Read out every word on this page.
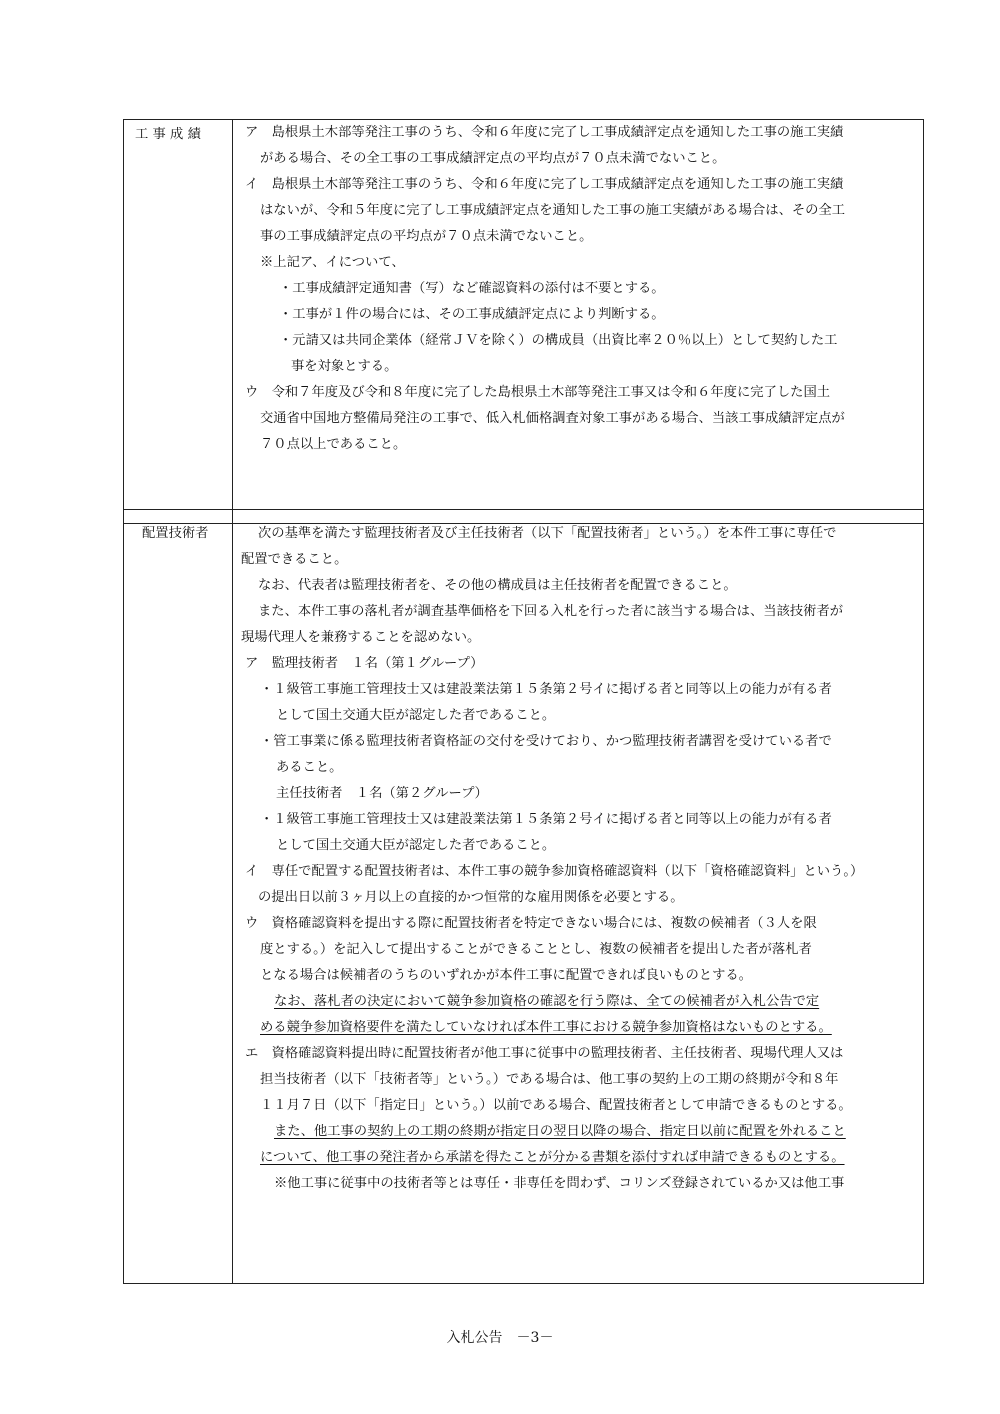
工 事 成 績
配置技術者
ア　島根県土木部等発注工事のうち、令和６年度に完了し工事成績評定点を通知した工事の施工実績
がある場合、その全工事の工事成績評定点の平均点が７０点未満でないこと。
イ　島根県土木部等発注工事のうち、令和６年度に完了し工事成績評定点を通知した工事の施工実績
はないが、令和５年度に完了し工事成績評定点を通知した工事の施工実績がある場合は、その全工
事の工事成績評定点の平均点が７０点未満でないこと。
※上記ア、イについて、
・工事成績評定通知書（写）など確認資料の添付は不要とする。
・工事が１件の場合には、その工事成績評定点により判断する。
・元請又は共同企業体（経常ＪＶを除く）の構成員（出資比率２０％以上）として契約した工
事を対象とする。
ウ　令和７年度及び令和８年度に完了した島根県土木部等発注工事又は令和６年度に完了した国土
交通省中国地方整備局発注の工事で、低入札価格調査対象工事がある場合、当該工事成績評定点が
７０点以上であること。
次の基準を満たす監理技術者及び主任技術者（以下「配置技術者」という。）を本件工事に専任で
配置できること。
なお、代表者は監理技術者を、その他の構成員は主任技術者を配置できること。
また、本件工事の落札者が調査基準価格を下回る入札を行った者に該当する場合は、当該技術者が
現場代理人を兼務することを認めない。
ア　監理技術者　１名（第１グループ）
・１級管工事施工管理技士又は建設業法第１５条第２号イに掲げる者と同等以上の能力が有る者
として国土交通大臣が認定した者であること。
・管工事業に係る監理技術者資格証の交付を受けており、かつ監理技術者講習を受けている者で
あること。
主任技術者　１名（第２グループ）
・１級管工事施工管理技士又は建設業法第１５条第２号イに掲げる者と同等以上の能力が有る者
として国土交通大臣が認定した者であること。
イ　専任で配置する配置技術者は、本件工事の競争参加資格確認資料（以下「資格確認資料」という。）
の提出日以前３ヶ月以上の直接的かつ恒常的な雇用関係を必要とする。
ウ　資格確認資料を提出する際に配置技術者を特定できない場合には、複数の候補者（３人を限
度とする。）を記入して提出することができることとし、複数の候補者を提出した者が落札者
となる場合は候補者のうちのいずれかが本件工事に配置できれば良いものとする。
なお、落札者の決定において競争参加資格の確認を行う際は、全ての候補者が入札公告で定
める競争参加資格要件を満たしていなければ本件工事における競争参加資格はないものとする。
エ　資格確認資料提出時に配置技術者が他工事に従事中の監理技術者、主任技術者、現場代理人又は
担当技術者（以下「技術者等」という。）である場合は、他工事の契約上の工期の終期が令和８年
１１月７日（以下「指定日」という。）以前である場合、配置技術者として申請できるものとする。
また、他工事の契約上の工期の終期が指定日の翌日以降の場合、指定日以前に配置を外れること
について、他工事の発注者から承諾を得たことが分かる書類を添付すれば申請できるものとする。
※他工事に従事中の技術者等とは専任・非専任を問わず、コリンズ登録されているか又は他工事
入札公告　－3－
